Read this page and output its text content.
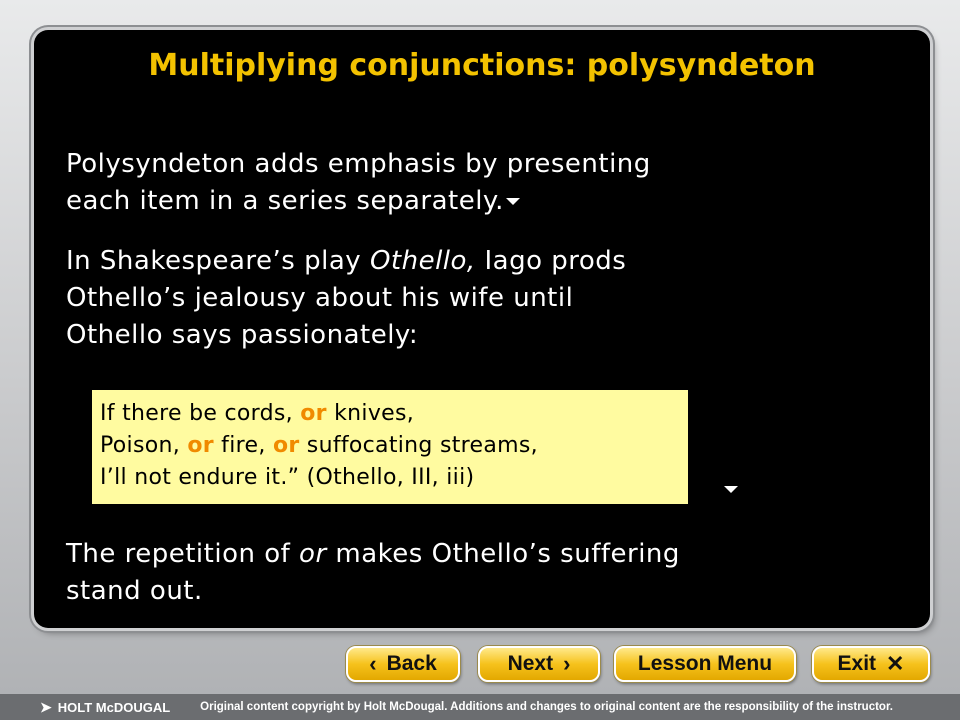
Multiplying conjunctions: polysyndeton

Polysyndeton adds emphasis by presenting
each item in a series separately.

In Shakespeare’s play Othello, Iago prods
Othello’s jealousy about his wife until
Othello says passionately:

If there be cords, or knives,
Poison, or fire, or suffocating streams,
I’ll not endure it.” (Othello, III, iii)

The repetition of or makes Othello’s suffering
stand out.

‹ Back	Next ›	Lesson Menu	Exit ✕
➤ HOLT McDOUGAL	Original content copyright by Holt McDougal. Additions and changes to original content are the responsibility of the instructor.
